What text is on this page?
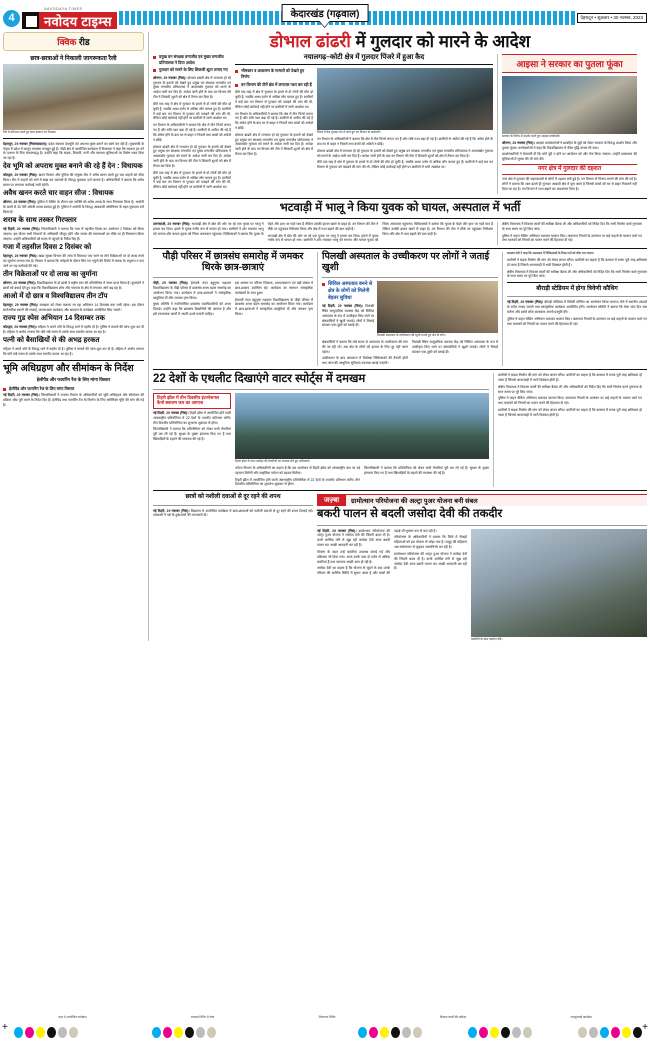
4
NAVODAYA TIMES
नवोदय टाइम्स	केदारखंड (गढ़वाल)	देहरादून • शुक्रवार • 30 नवम्बर, 2023
क्विक रीड
छात्र-छात्राओं ने निकाली जागरूकता रैली
रैली में प्रतिभाग करते हुए छात्र-छात्राएं एवं शिक्षक।

देहरादून, 29 नवम्बर (निसंवाददाता)। प्रदेश सरकार देवभूमि को अपराध मुक्त बनाने का कार्य कर रही है। मुख्यमंत्री के नेतृत्व में प्रदेश में कानून व्यवस्था मजबूत हुई है। पौड़ी क्षेत्र में आयोजित कार्यक्रम में विधायक ने कहा कि सरकार हर वर्ग के उत्थान के लिए संकल्पबद्ध है। उन्होंने कहा कि सड़क, बिजली, पानी और स्वास्थ्य सुविधाओं पर विशेष ध्यान दिया जा रहा है।

देव भूमि को अपराध मुक्त बनाने की रहे हैं देन : विधायक

कोटद्वार, 29 नवम्बर (निसं)। खनन विभाग और पुलिस की संयुक्त टीम ने अवैध खनन करते हुए चार वाहनों को सीज किया। टीम ने वाहनों को थाने में खड़ा कर चालकों के विरुद्ध मुकदमा दर्ज कराया है। अधिकारियों ने बताया कि अवैध खनन पर लगातार कार्रवाई जारी रहेगी।

अवैध खनन करते चार वाहन सीज : विधायक

श्रीनगर, 29 नवम्बर (निसं)। पुलिस ने चेकिंग के दौरान एक व्यक्ति को अवैध शराब के साथ गिरफ्तार किया है। आरोपी के कब्जे से 30 पेटी अंग्रेजी शराब बरामद हुई है। पुलिस ने आरोपी के विरुद्ध आबकारी अधिनियम के तहत मुकदमा दर्ज किया है।

शराब के साथ तस्कर गिरफ्तार

नई टिहरी, 29 नवम्बर (निसं)। जिलाधिकारी ने बताया कि गजा में तहसील दिवस का आयोजन 2 दिसंबर को किया जाएगा। इस दौरान सभी विभागों के अधिकारी मौजूद रहेंगे और जनता की समस्याओं का मौके पर ही निस्तारण किया जाएगा। उन्होंने अधिकारियों को समय से पहुंचने के निर्देश दिए हैं।

गजा में तहसील दिवस 2 दिसंबर को

देहरादून, 29 नवम्बर (निसं)। खाद्य सुरक्षा विभाग की जांच में मिलावट पाए जाने पर तीन विक्रेताओं पर दो लाख रुपये का जुर्माना लगाया गया है। विभाग ने बताया कि त्योहारों के दौरान लिए गए नमूनों की रिपोर्ट में मानक के अनुरूप न पाए जाने पर यह कार्रवाई की गई।

तीन विक्रेताओं पर दो लाख का जुर्माना

श्रीनगर, 29 नवम्बर (निसं)। विश्वविद्यालय के दो छात्रों ने राष्ट्रीय स्तर की प्रतियोगिता में स्थान प्राप्त किया है। कुलपति ने छात्रों को बधाई देते हुए कहा कि विश्वविद्यालय शोध और नवाचार के क्षेत्र में लगातार आगे बढ़ रहा है।

आओ में दो छात्र व विश्वविद्यालय तीन टॉप

देहरादून, 29 नवम्बर (निसं)। स्वच्छता को लेकर चलाया जा रहा अभियान 14 दिसम्बर तक जारी रहेगा। इस दौरान सार्वजनिक स्थानों की सफाई, जागरूकता कार्यक्रम और श्रमदान के कार्यक्रम आयोजित किए जाएंगे।

राज्य गुड स्पेस अभियान 14 दिसम्बर तक

कोटद्वार, 29 नवम्बर (निसं)। महिला ने अपने पति के विरुद्ध थाने में तहरीर दी है। पुलिस ने मामले की जांच शुरू कर दी है। महिला ने आरोप लगाया कि पति लंबे समय से उसके साथ मारपीट करता आ रहा है।

पत्नी को बैसाखियों से की अभद्र हरकत

महिला ने अपने पति के विरुद्ध थाने में तहरीर दी है। पुलिस ने मामले की जांच शुरू कर दी है। महिला ने आरोप लगाया कि पति लंबे समय से उसके साथ मारपीट करता आ रहा है।

भूमि अधिग्रहण और सीमांकन के निर्देश
हेलीपैड और फायरिंग रेंज के लिए मांगा विस्तार
हेलीपैड और फायरिंग रेंज के लिए मांगा विस्तार

नई टिहरी, 29 नवम्बर (निसं)। जिलाधिकारी ने राजस्व विभाग के अधिकारियों को भूमि अधिग्रहण और सीमांकन की प्रक्रिया शीघ्र पूरी करने के निर्देश दिए हैं। हेलीपैड तथा फायरिंग रेंज के निर्माण के लिए अतिरिक्त भूमि की मांग की गई है।

डोभाल ढांढरी में गुलदार को मारने के आदेश
प्रमुख वन संरक्षक वन्यजीव एवं मुख्य वन्यजीव प्रतिपालक ने दिया आदेश
गुलदार को मारने के लिए शिकारी शूटर लगाए गए

श्रीनगर, 29 नवम्बर (निसं)। डोभाल ढांढरी क्षेत्र में लगातार हो रहे गुलदार के हमलों को देखते हुए प्रमुख वन संरक्षक वन्यजीव एवं मुख्य वन्यजीव प्रतिपालक ने आदमखोर गुलदार को मारने के आदेश जारी कर दिए हैं। आदेश जारी होने के बाद वन विभाग की टीम ने शिकारी शूटरों को क्षेत्र में तैनात कर दिया है।

बीते एक माह में क्षेत्र में गुलदार के हमले से दो लोगों की मौत हो चुकी है, जबकि आधा दर्जन से अधिक लोग घायल हुए हैं। ग्रामीणों ने कई बार वन विभाग से गुलदार को पकड़ने की मांग की थी, लेकिन कोई कार्रवाई नहीं होने पर ग्रामीणों में भारी आक्रोश था।

वन विभाग के अधिकारियों ने बताया कि क्षेत्र में तीन पिंजरे लगाए गए हैं और रात्रि गश्त बढ़ा दी गई है। ग्रामीणों से अपील की गई है कि अंधेरा होने के बाद घर से बाहर न निकलें तथा बच्चों को अकेले न छोड़ें।

डोभाल ढांढरी क्षेत्र में लगातार हो रहे गुलदार के हमलों को देखते हुए प्रमुख वन संरक्षक वन्यजीव एवं मुख्य वन्यजीव प्रतिपालक ने आदमखोर गुलदार को मारने के आदेश जारी कर दिए हैं। आदेश जारी होने के बाद वन विभाग की टीम ने शिकारी शूटरों को क्षेत्र में तैनात कर दिया है।

बीते एक माह में क्षेत्र में गुलदार के हमले से दो लोगों की मौत हो चुकी है, जबकि आधा दर्जन से अधिक लोग घायल हुए हैं। ग्रामीणों ने कई बार वन विभाग से गुलदार को पकड़ने की मांग की थी, लेकिन कोई कार्रवाई नहीं होने पर ग्रामीणों में भारी आक्रोश था।

नयालगढ़–कोटी क्षेत्र में गुलदार पिंजरे में हुआ कैद
भीमकार व आक्रमण के मामलों को देखते हुए निर्णय
वन विभाग की टीमें क्षेत्र में लगातार गश्त कर रही हैं

बीते एक माह में क्षेत्र में गुलदार के हमले से दो लोगों की मौत हो चुकी है, जबकि आधा दर्जन से अधिक लोग घायल हुए हैं। ग्रामीणों ने कई बार वन विभाग से गुलदार को पकड़ने की मांग की थी, लेकिन कोई कार्रवाई नहीं होने पर ग्रामीणों में भारी आक्रोश था।

वन विभाग के अधिकारियों ने बताया कि क्षेत्र में तीन पिंजरे लगाए गए हैं और रात्रि गश्त बढ़ा दी गई है। ग्रामीणों से अपील की गई है कि अंधेरा होने के बाद घर से बाहर न निकलें तथा बच्चों को अकेले न छोड़ें।

डोभाल ढांढरी क्षेत्र में लगातार हो रहे गुलदार के हमलों को देखते हुए प्रमुख वन संरक्षक वन्यजीव एवं मुख्य वन्यजीव प्रतिपालक ने आदमखोर गुलदार को मारने के आदेश जारी कर दिए हैं। आदेश जारी होने के बाद वन विभाग की टीम ने शिकारी शूटरों को क्षेत्र में तैनात कर दिया है।

पिंजरे में कैद गुलदार को ले जाते हुए वन विभाग के कर्मचारी।

वन विभाग के अधिकारियों ने बताया कि क्षेत्र में तीन पिंजरे लगाए गए हैं और रात्रि गश्त बढ़ा दी गई है। ग्रामीणों से अपील की गई है कि अंधेरा होने के बाद घर से बाहर न निकलें तथा बच्चों को अकेले न छोड़ें।

डोभाल ढांढरी क्षेत्र में लगातार हो रहे गुलदार के हमलों को देखते हुए प्रमुख वन संरक्षक वन्यजीव एवं मुख्य वन्यजीव प्रतिपालक ने आदमखोर गुलदार को मारने के आदेश जारी कर दिए हैं। आदेश जारी होने के बाद वन विभाग की टीम ने शिकारी शूटरों को क्षेत्र में तैनात कर दिया है।

बीते एक माह में क्षेत्र में गुलदार के हमले से दो लोगों की मौत हो चुकी है, जबकि आधा दर्जन से अधिक लोग घायल हुए हैं। ग्रामीणों ने कई बार वन विभाग से गुलदार को पकड़ने की मांग की थी, लेकिन कोई कार्रवाई नहीं होने पर ग्रामीणों में भारी आक्रोश था।

आइसा ने सरकार का पुतला फूंका
सरकार के विरोध में प्रदर्शन करते हुए आइसा कार्यकर्ता।

श्रीनगर, 29 नवम्बर (निसं)। आइसा कार्यकर्ताओं ने छात्रहित के मुद्दों को लेकर सरकार के विरुद्ध प्रदर्शन किया और पुतला फूंका। कार्यकर्ताओं ने कहा कि विश्वविद्यालय में फीस वृद्धि वापस ली जाए।

प्रदर्शनकारियों ने चेतावनी दी कि मांगें पूरी न होने पर आंदोलन को और तेज किया जाएगा। उन्होंने छात्रावास की सुविधाओं में सुधार की भी मांग की।

नगर क्षेत्र में गुलदार की दहशत

नगर क्षेत्र में गुलदार की चहलकदमी से लोगों में दहशत बनी हुई है। वन विभाग से पिंजरा लगाने की मांग की गई है। लोगों ने बताया कि शाम ढलते ही गुलदार आबादी क्षेत्र में घुस आता है जिससे बच्चों को घर से बाहर निकलने नहीं दिया जा रहा है। वन विभाग ने गश्त बढ़ाने का आश्वासन दिया है।

भटवाड़ी में भालू ने किया युवक को घायल, अस्पताल में भर्ती

उत्तरकाशी, 29 नवम्बर (निसं)। भटवाड़ी क्षेत्र में खेत की ओर जा रहे एक युवक पर भालू ने हमला कर दिया। हमले में युवक गंभीर रूप से घायल हो गया। ग्रामीणों ने शोर मचाकर भालू को भगाया और घायल युवक को जिला अस्पताल पहुंचाया। चिकित्सकों ने बताया कि युवक के चेहरे और हाथ पर गहरे घाव हैं लेकिन उसकी हालत खतरे से बाहर है। वन विभाग की टीम ने मौके पर पहुंचकर निरीक्षण किया और क्षेत्र में गश्त बढ़ाने की बात कही है।

भटवाड़ी क्षेत्र में खेत की ओर जा रहे एक युवक पर भालू ने हमला कर दिया। हमले में युवक गंभीर रूप से घायल हो गया। ग्रामीणों ने शोर मचाकर भालू को भगाया और घायल युवक को जिला अस्पताल पहुंचाया। चिकित्सकों ने बताया कि युवक के चेहरे और हाथ पर गहरे घाव हैं लेकिन उसकी हालत खतरे से बाहर है। वन विभाग की टीम ने मौके पर पहुंचकर निरीक्षण किया और क्षेत्र में गश्त बढ़ाने की बात कही है।

क्षेत्रीय विधायक ने विकास कार्यों की समीक्षा बैठक ली और अधिकारियों को निर्देश दिए कि सभी निर्माण कार्य गुणवत्ता के साथ समय पर पूरे किए जाएं।

पुलिस ने वाहन चेकिंग अभियान चलाकर चालान किए। यातायात नियमों के उल्लंघन पर कई वाहनों के चालान काटे गए तथा चालकों को नियमों का पालन करने की हिदायत दी गई।

पौड़ी परिसर में छात्रसंघ समारोह में जमकर थिरके छात्र-छात्राएं

पौड़ी, 29 नवम्बर (निसं)। हेमवती नंदन बहुगुणा गढ़वाल विश्वविद्यालय के पौड़ी परिसर में छात्रसंघ शपथ ग्रहण समारोह का आयोजन किया गया। कार्यक्रम में छात्र-छात्राओं ने सांस्कृतिक प्रस्तुतियां दीं और जमकर नृत्य किया।

मुख्य अतिथि ने नवनिर्वाचित छात्रसंघ पदाधिकारियों को शपथ दिलाई। उन्होंने कहा कि छात्रसंघ विद्यार्थियों की आवाज है और इसे रचनात्मक कार्यों में अपनी ऊर्जा लगानी चाहिए।

इस अवसर पर परिसर निदेशक, प्राध्यापकगण एवं बड़ी संख्या में छात्र-छात्राएं उपस्थित रहे। कार्यक्रम का समापन सांस्कृतिक कार्यक्रमों के साथ हुआ।

हेमवती नंदन बहुगुणा गढ़वाल विश्वविद्यालय के पौड़ी परिसर में छात्रसंघ शपथ ग्रहण समारोह का आयोजन किया गया। कार्यक्रम में छात्र-छात्राओं ने सांस्कृतिक प्रस्तुतियां दीं और जमकर नृत्य किया।

पिलखी अस्पताल के उच्चीकरण पर लोगों ने जताई खुशी
सिविल अस्पताल बनने से क्षेत्र के लोगों को मिलेगी बेहतर सुविधा

नई टिहरी, 29 नवम्बर (निसं)। पिलखी स्थित सामुदायिक स्वास्थ्य केंद्र को सिविल अस्पताल के रूप में उच्चीकृत किए जाने पर क्षेत्रवासियों ने खुशी जताई। लोगों ने मिठाई बांटकर एक-दूसरे को बधाई दी।

पिलखी अस्पताल के उच्चीकरण की खुशी मनाते हुए क्षेत्र के लोग।

क्षेत्रवासियों ने बताया कि लंबे समय से अस्पताल के उच्चीकरण की मांग की जा रही थी। अब क्षेत्र के लोगों को इलाज के लिए दूर नहीं जाना पड़ेगा।

उच्चीकरण के बाद अस्पताल में विशेषज्ञ चिकित्सकों की तैनाती होगी तथा जांच की आधुनिक सुविधाएं उपलब्ध कराई जाएंगी।

पिलखी स्थित सामुदायिक स्वास्थ्य केंद्र को सिविल अस्पताल के रूप में उच्चीकृत किए जाने पर क्षेत्रवासियों ने खुशी जताई। लोगों ने मिठाई बांटकर एक-दूसरे को बधाई दी।

स्वास्थ्य मंत्री ने कहा कि अस्पताल में चिकित्सकों के रिक्त पदों को शीघ्र भरा जाएगा

ग्रामीणों ने सड़क निर्माण की मांग को लेकर ज्ञापन सौंपा। ग्रामीणों का कहना है कि बरसात में रास्ता पूरी तरह क्षतिग्रस्त हो जाता है जिससे आवाजाही में भारी दिक्कत होती है।

क्षेत्रीय विधायक ने विकास कार्यों की समीक्षा बैठक ली और अधिकारियों को निर्देश दिए कि सभी निर्माण कार्य गुणवत्ता के साथ समय पर पूरे किए जाएं।

बौराड़ी स्टेडियम में होगा त्रिवेणी कौथिग

नई टिहरी, 29 नवम्बर (निसं)। बौराड़ी स्टेडियम में त्रिवेणी कौथिग का आयोजन किया जाएगा। मेले में स्थानीय उत्पादों के स्टॉल लगाए जाएंगे तथा सांस्कृतिक कार्यक्रम आयोजित होंगे। आयोजन समिति ने बताया कि मेला पांच दिन तक चलेगा और इसमें लोक कलाकार अपनी प्रस्तुति देंगे।

पुलिस ने वाहन चेकिंग अभियान चलाकर चालान किए। यातायात नियमों के उल्लंघन पर कई वाहनों के चालान काटे गए तथा चालकों को नियमों का पालन करने की हिदायत दी गई।

22 देशों के एथलीट दिखाएंगे वाटर स्पोर्ट्स में दमखम
टिहरी झील में तीन दिवसीय इंटरनेशनल कैनो स्लालम कप का आगाज

नई टिहरी, 29 नवम्बर (निसं)। टिहरी झील में आयोजित होने वाली अंतरराष्ट्रीय प्रतियोगिता में 22 देशों के एथलीट प्रतिभाग करेंगे। तीन दिवसीय प्रतियोगिता का शुभारंभ शुक्रवार से होगा।

जिलाधिकारी ने बताया कि प्रतियोगिता को लेकर सभी तैयारियां पूरी कर ली गई हैं। सुरक्षा के पुख्ता इंतजाम किए गए हैं तथा खिलाड़ियों के ठहरने की व्यवस्था की गई है।

टिहरी झील में वाटर स्पोर्ट्स की तैयारियों का जायजा लेते हुए अधिकारी।

पर्यटन विभाग के अधिकारियों का कहना है कि इस आयोजन से टिहरी झील को अंतरराष्ट्रीय स्तर पर नई पहचान मिलेगी और साहसिक पर्यटन को बढ़ावा मिलेगा।

टिहरी झील में आयोजित होने वाली अंतरराष्ट्रीय प्रतियोगिता में 22 देशों के एथलीट प्रतिभाग करेंगे। तीन दिवसीय प्रतियोगिता का शुभारंभ शुक्रवार से होगा।

जिलाधिकारी ने बताया कि प्रतियोगिता को लेकर सभी तैयारियां पूरी कर ली गई हैं। सुरक्षा के पुख्ता इंतजाम किए गए हैं तथा खिलाड़ियों के ठहरने की व्यवस्था की गई है।

ग्रामीणों ने सड़क निर्माण की मांग को लेकर ज्ञापन सौंपा। ग्रामीणों का कहना है कि बरसात में रास्ता पूरी तरह क्षतिग्रस्त हो जाता है जिससे आवाजाही में भारी दिक्कत होती है।

क्षेत्रीय विधायक ने विकास कार्यों की समीक्षा बैठक ली और अधिकारियों को निर्देश दिए कि सभी निर्माण कार्य गुणवत्ता के साथ समय पर पूरे किए जाएं।

पुलिस ने वाहन चेकिंग अभियान चलाकर चालान किए। यातायात नियमों के उल्लंघन पर कई वाहनों के चालान काटे गए तथा चालकों को नियमों का पालन करने की हिदायत दी गई।

ग्रामीणों ने सड़क निर्माण की मांग को लेकर ज्ञापन सौंपा। ग्रामीणों का कहना है कि बरसात में रास्ता पूरी तरह क्षतिग्रस्त हो जाता है जिससे आवाजाही में भारी दिक्कत होती है।

छात्रों को नशीली दवाओं से दूर रहने की शपथ

नई टिहरी, 29 नवम्बर (निसं)। विद्यालय में आयोजित कार्यक्रम में छात्र-छात्राओं को नशीली दवाओं से दूर रहने की शपथ दिलाई गई। वक्ताओं ने नशे के दुष्प्रभावों की जानकारी दी।

जज़्बा	ग्रामोत्थान परियोजना की अल्ट्रा पुअर योजना बनी संबल
बकरी पालन से बदली जसोदा देवी की तकदीर

नई टिहरी, 29 नवम्बर (निसं)। ग्रामोत्थान परियोजना की अल्ट्रा पुअर योजना ने जसोदा देवी की जिंदगी बदल दी है। कभी आर्थिक तंगी से जूझ रही जसोदा देवी आज बकरी पालन कर अच्छी आमदनी कर रही हैं।

योजना के तहत उन्हें बकरियां उपलब्ध कराई गईं और प्रशिक्षण भी दिया गया। आज उनके पास दो दर्जन से अधिक बकरियां हैं तथा सालाना अच्छी आय हो रही है।

जसोदा देवी का कहना है कि योजना से जुड़ने के बाद उनके परिवार की आर्थिक स्थिति में सुधार आया है और बच्चों की पढ़ाई भी सुचारू रूप से चल रही है।

परियोजना के अधिकारियों ने बताया कि जिले में सैकड़ों महिलाओं को इस योजना से जोड़ा गया है। समूह की महिलाएं अब स्वरोजगार से जुड़कर आत्मनिर्भर बन रही हैं।

ग्रामोत्थान परियोजना की अल्ट्रा पुअर योजना ने जसोदा देवी की जिंदगी बदल दी है। कभी आर्थिक तंगी से जूझ रही जसोदा देवी आज बकरी पालन कर अच्छी आमदनी कर रही हैं।

बकरियों के साथ जसोदा देवी।
शहर में आयोजित कार्यक्रम	स्वास्थ्य शिविर में जांच	निस्तारण शिविर	विकास कार्यों की समीक्षा	जनसुनवाई कार्यक्रम
+	+
